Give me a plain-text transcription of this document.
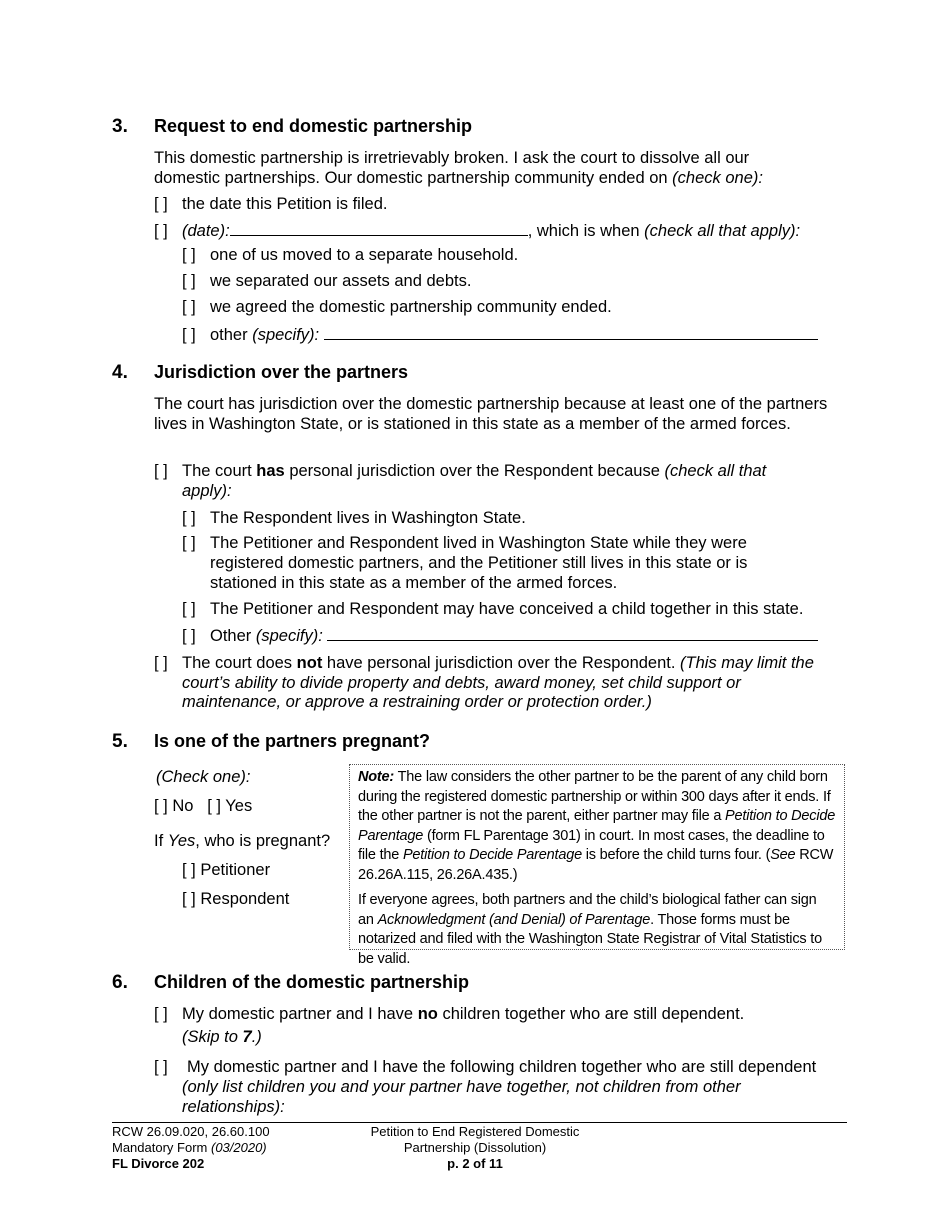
3. Request to end domestic partnership
This domestic partnership is irretrievably broken. I ask the court to dissolve all our
domestic partnerships. Our domestic partnership community ended on (check one):
[ ] the date this Petition is filed.
[ ] (date):	, which is when (check all that apply):
[ ] one of us moved to a separate household.
[ ] we separated our assets and debts.
[ ] we agreed the domestic partnership community ended.
[ ] other (specify):
4. Jurisdiction over the partners
The court has jurisdiction over the domestic partnership because at least one of the partners lives in Washington State, or is stationed in this state as a member of the armed forces.
[ ] The court has personal jurisdiction over the Respondent because (check all that
apply):
[ ] The Respondent lives in Washington State.
[ ] The Petitioner and Respondent lived in Washington State while they were
registered domestic partners, and the Petitioner still lives in this state or is
stationed in this state as a member of the armed forces.
[ ] The Petitioner and Respondent may have conceived a child together in this state.
[ ] Other (specify):
[ ] The court does not have personal jurisdiction over the Respondent. (This may limit the
court’s ability to divide property and debts, award money, set child support or
maintenance, or approve a restraining order or protection order.)
5. Is one of the partners pregnant?
(Check one):
[ ] No [ ] Yes
If Yes, who is pregnant?
[ ] Petitioner
[ ] Respondent

Note: The law considers the other partner to be the parent of any child born during the registered domestic partnership or within 300 days after it ends. If the other partner is not the parent, either partner may file a Petition to Decide Parentage (form FL Parentage 301) in court. In most cases, the deadline to file the Petition to Decide Parentage is before the child turns four. (See RCW 26.26A.115, 26.26A.435.)

If everyone agrees, both partners and the child’s biological father can sign an Acknowledgment (and Denial) of Parentage. Those forms must be notarized and filed with the Washington State Registrar of Vital Statistics to be valid.

6. Children of the domestic partnership
[ ] My domestic partner and I have no children together who are still dependent.
(Skip to 7.)
[ ] My domestic partner and I have the following children together who are still dependent
(only list children you and your partner have together, not children from other
relationships):
RCW 26.09.020, 26.60.100
Mandatory Form (03/2020)
FL Divorce 202
Petition to End Registered Domestic
Partnership (Dissolution)
p. 2 of 11
